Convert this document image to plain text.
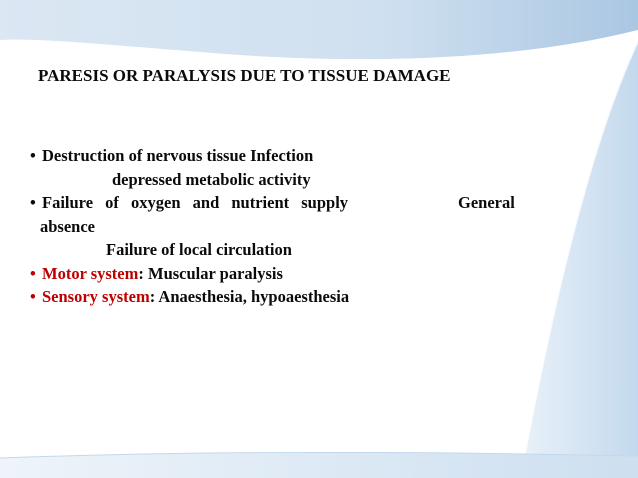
PARESIS OR PARALYSIS DUE TO TISSUE DAMAGE
• Destruction of nervous tissue Infection
depressed metabolic activity
• Failure of oxygen and nutrient supply	General
absence
Failure of local circulation
• Motor system: Muscular paralysis
• Sensory system: Anaesthesia, hypoaesthesia
